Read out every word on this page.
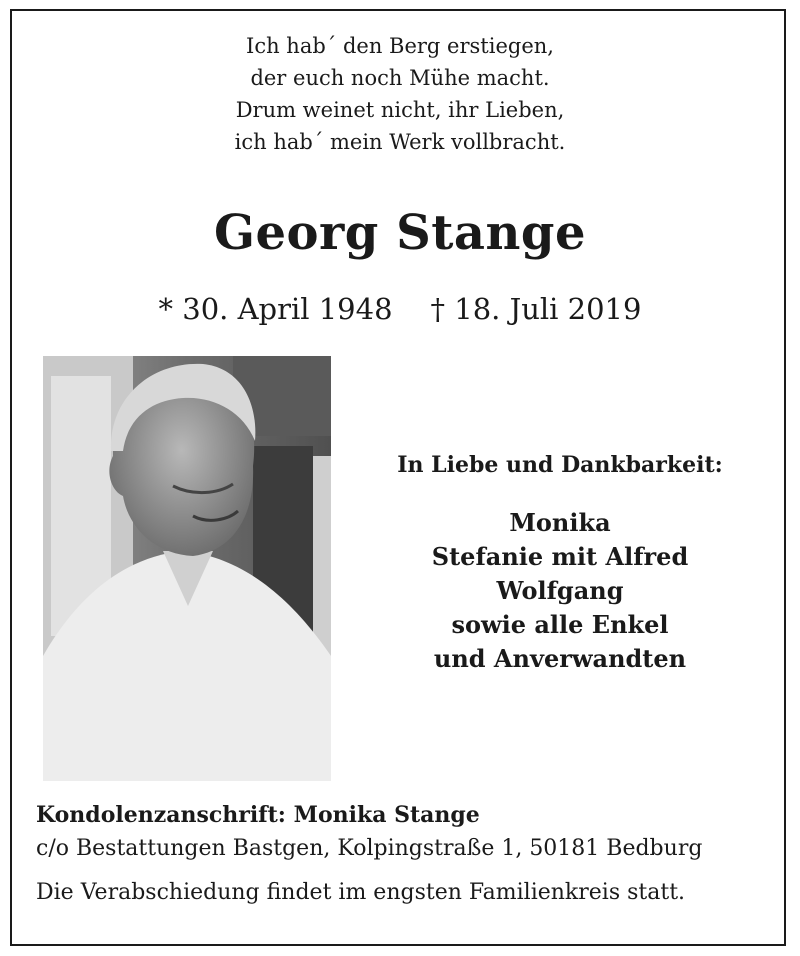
Ich hab´ den Berg erstiegen,
der euch noch Mühe macht.
Drum weinet nicht, ihr Lieben,
ich hab´ mein Werk vollbracht.
Georg Stange
* 30. April 1948 † 18. Juli 2019
In Liebe und Dankbarkeit:
Monika
Stefanie mit Alfred
Wolfgang
sowie alle Enkel
und Anverwandten
Kondolenzanschrift: Monika Stange
c/o Bestattungen Bastgen, Kolpingstraße 1, 50181 Bedburg
Die Verabschiedung findet im engsten Familienkreis statt.
